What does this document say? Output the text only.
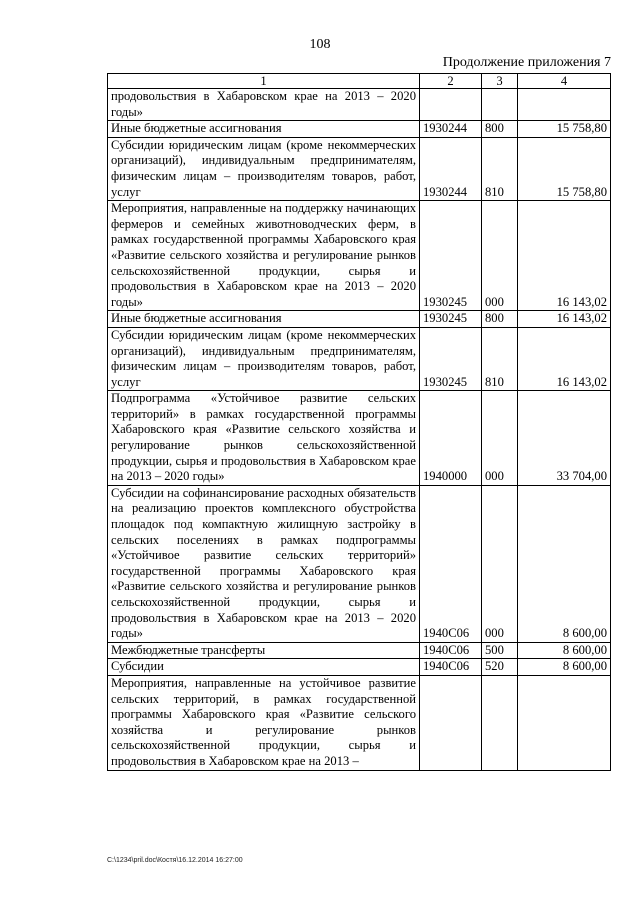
108
Продолжение приложения 7
1	2	3	4
продовольствия в Хабаровском крае на 2013 – 2020 годы»			
Иные бюджетные ассигнования	1930244	800	15 758,80
Субсидии юридическим лицам (кроме некоммерческих организаций), индивидуальным предпринимателям, физическим лицам – производителям товаров, работ, услуг	1930244	810	15 758,80
Мероприятия, направленные на поддержку начинающих фермеров и семейных животноводческих ферм, в рамках государственной программы Хабаровского края «Развитие сельского хозяйства и регулирование рынков сельскохозяйственной продукции, сырья и продовольствия в Хабаровском крае на 2013 – 2020 годы»	1930245	000	16 143,02
Иные бюджетные ассигнования	1930245	800	16 143,02
Субсидии юридическим лицам (кроме некоммерческих организаций), индивидуальным предпринимателям, физическим лицам – производителям товаров, работ, услуг	1930245	810	16 143,02
Подпрограмма «Устойчивое развитие сельских территорий» в рамках государственной программы Хабаровского края «Развитие сельского хозяйства и регулирование рынков сельскохозяйственной продукции, сырья и продовольствия в Хабаровском крае на 2013 – 2020 годы»	1940000	000	33 704,00
Субсидии на софинансирование расходных обязательств на реализацию проектов комплексного обустройства площадок под компактную жилищную застройку в сельских поселениях в рамках подпрограммы «Устойчивое развитие сельских территорий» государственной программы Хабаровского края «Развитие сельского хозяйства и регулирование рынков сельскохозяйственной продукции, сырья и продовольствия в Хабаровском крае на 2013 – 2020 годы»	1940С06	000	8 600,00
Межбюджетные трансферты	1940С06	500	8 600,00
Субсидии	1940С06	520	8 600,00
Мероприятия, направленные на устойчивое развитие сельских территорий, в рамках государственной программы Хабаровского края «Развитие сельского хозяйства и регулирование рынков сельскохозяйственной продукции, сырья и продовольствия в Хабаровском крае на 2013 –			
C:\1234\pril.doc\Костя\16.12.2014 16:27:00
